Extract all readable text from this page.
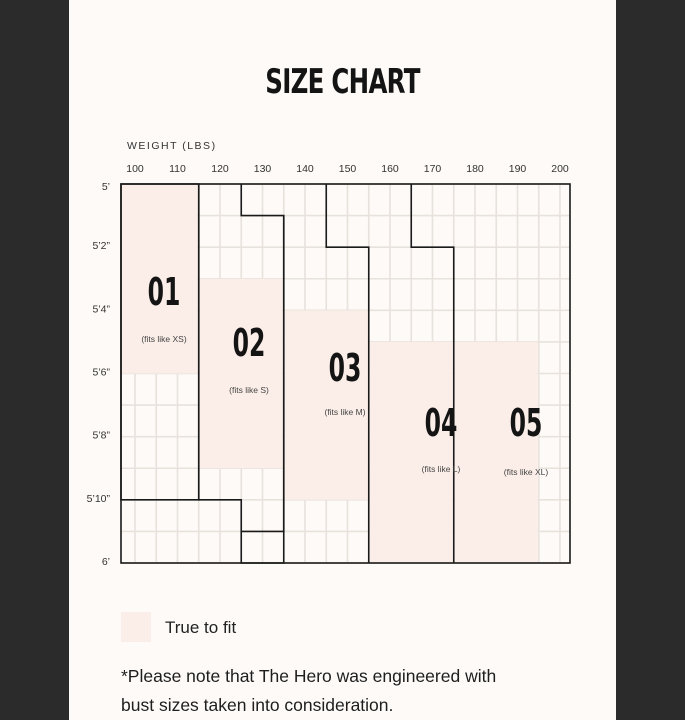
SIZE CHART
WEIGHT (LBS)
100 110 120 130 140 150 160 170 180 190 200
5’
5’2”
5’4”
5’6”
5’8”
5’10”
6’
01
(fits like XS) 02
(fits like S) 03
(fits like M) 04
(fits like L)
05
(fits like XL)
True to fit
*Please note that The Hero was engineered with
bust sizes taken into consideration.
